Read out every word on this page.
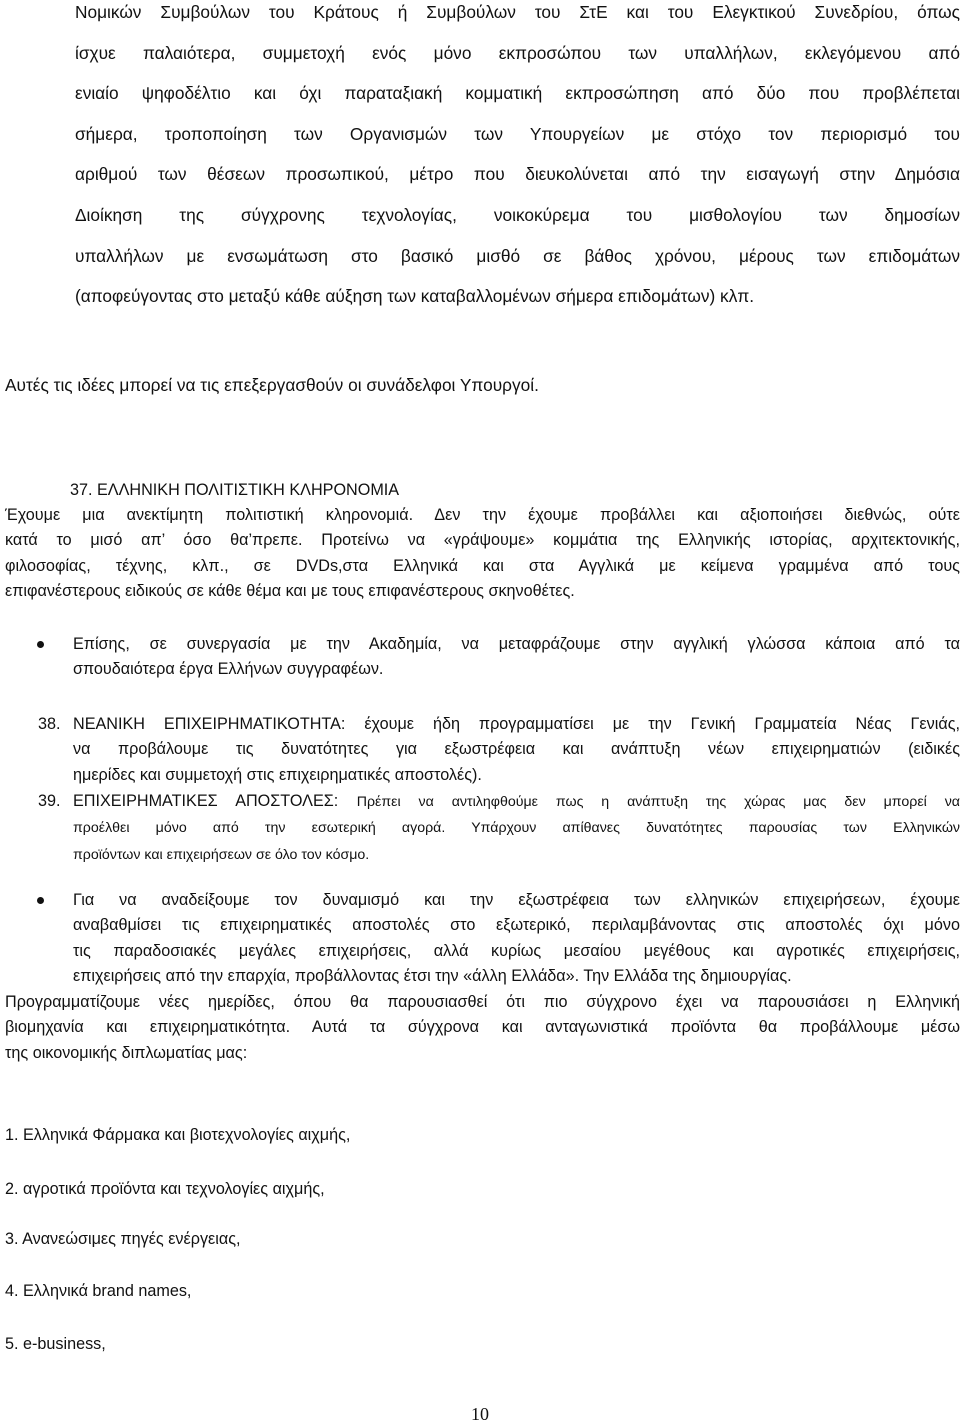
Νομικών Συμβούλων του Κράτους ή Συμβούλων του ΣτΕ και του Ελεγκτικού Συνεδρίου, όπως
ίσχυε παλαιότερα, συμμετοχή ενός μόνο εκπροσώπου των υπαλλήλων, εκλεγόμενου από
ενιαίο ψηφοδέλτιο και όχι παραταξιακή κομματική εκπροσώπηση από δύο που προβλέπεται
σήμερα, τροποποίηση των Οργανισμών των Υπουργείων με στόχο τον περιορισμό του
αριθμού των θέσεων προσωπικού, μέτρο που διευκολύνεται από την εισαγωγή στην Δημόσια
Διοίκηση της σύγχρονης τεχνολογίας, νοικοκύρεμα του μισθολογίου των δημοσίων
υπαλλήλων με ενσωμάτωση στο βασικό μισθό σε βάθος χρόνου, μέρους των επιδομάτων
(αποφεύγοντας στο μεταξύ κάθε αύξηση των καταβαλλομένων σήμερα επιδομάτων) κλπ.
Αυτές τις ιδέες μπορεί να τις επεξεργασθούν οι συνάδελφοι Υπουργοί.
37. ΕΛΛΗΝΙΚΗ ΠΟΛΙΤΙΣΤΙΚΗ ΚΛΗΡΟΝΟΜΙΑ
Έχουμε μια ανεκτίμητη πολιτιστική κληρονομιά. Δεν την έχουμε προβάλλει και αξιοποιήσει διεθνώς, ούτε
κατά το μισό απ’ όσο θα’πρεπε. Προτείνω να «γράψουμε» κομμάτια της Ελληνικής ιστορίας, αρχιτεκτονικής,
φιλοσοφίας, τέχνης, κλπ., σε DVDs,στα Ελληνικά και στα Αγγλικά με κείμενα γραμμένα από τους
επιφανέστερους ειδικούς σε κάθε θέμα και με τους επιφανέστερους σκηνοθέτες.
Επίσης, σε συνεργασία με την Ακαδημία, να μεταφράζουμε στην αγγλική γλώσσα κάποια από τα
σπουδαιότερα έργα Ελλήνων συγγραφέων.
38. ΝΕΑΝΙΚΗ ΕΠΙΧΕΙΡΗΜΑΤΙΚΟΤΗΤΑ: έχουμε ήδη προγραμματίσει με την Γενική Γραμματεία Νέας Γενιάς,
να προβάλουμε τις δυνατότητες για εξωστρέφεια και ανάπτυξη νέων επιχειρηματιών (ειδικές
ημερίδες και συμμετοχή στις επιχειρηματικές αποστολές).
39. ΕΠΙΧΕΙΡΗΜΑΤΙΚΕΣ ΑΠΟΣΤΟΛΕΣ: Πρέπει να αντιληφθούμε πως η ανάπτυξη της χώρας μας δεν μπορεί να
προέλθει μόνο από την εσωτερική αγορά. Υπάρχουν απίθανες δυνατότητες παρουσίας των Ελληνικών
προϊόντων και επιχειρήσεων σε όλο τον κόσμο.
Για να αναδείξουμε τον δυναμισμό και την εξωστρέφεια των ελληνικών επιχειρήσεων, έχουμε
αναβαθμίσει τις επιχειρηματικές αποστολές στο εξωτερικό, περιλαμβάνοντας στις αποστολές όχι μόνο
τις παραδοσιακές μεγάλες επιχειρήσεις, αλλά κυρίως μεσαίου μεγέθους και αγροτικές επιχειρήσεις,
επιχειρήσεις από την επαρχία, προβάλλοντας έτσι την «άλλη Ελλάδα». Την Ελλάδα της δημιουργίας.
Προγραμματίζουμε νέες ημερίδες, όπου θα παρουσιασθεί ότι πιο σύγχρονο έχει να παρουσιάσει η Ελληνική
βιομηχανία και επιχειρηματικότητα. Αυτά τα σύγχρονα και ανταγωνιστικά προϊόντα θα προβάλλουμε μέσω
της οικονομικής διπλωματίας μας:
1. Ελληνικά Φάρμακα και βιοτεχνολογίες αιχμής,
2. αγροτικά προϊόντα και τεχνολογίες αιχμής,
3. Ανανεώσιμες πηγές ενέργειας,
4. Ελληνικά brand names,
5. e-business,
10
